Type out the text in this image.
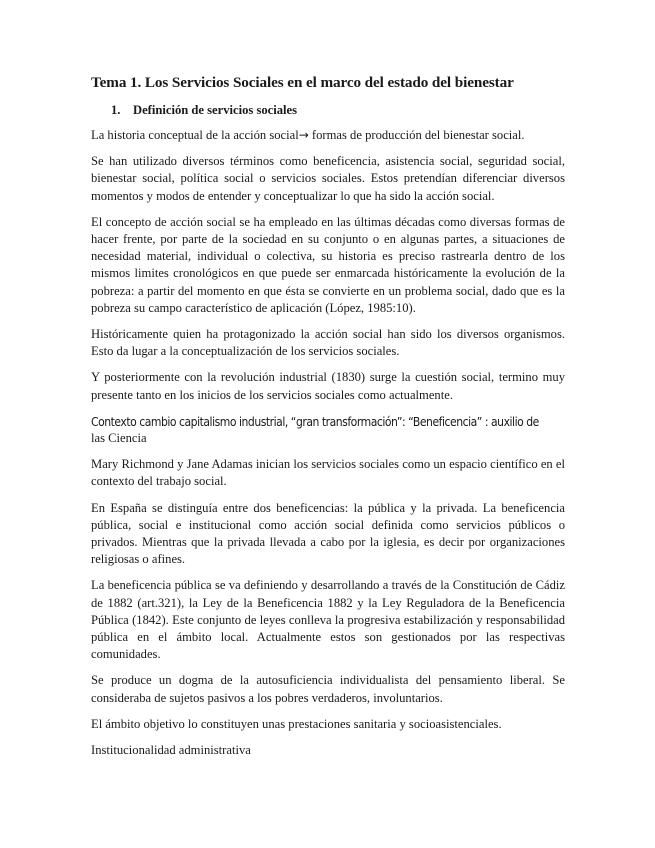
Tema 1. Los Servicios Sociales en el marco del estado del bienestar
1. Definición de servicios sociales

La historia conceptual de la acción social→ formas de producción del bienestar social.

Se han utilizado diversos términos como beneficencia, asistencia social, seguridad social, bienestar social, política social o servicios sociales. Estos pretendían diferenciar diversos momentos y modos de entender y conceptualizar lo que ha sido la acción social.

El concepto de acción social se ha empleado en las últimas décadas como diversas formas de hacer frente, por parte de la sociedad en su conjunto o en algunas partes, a situaciones de necesidad material, individual o colectiva, su historia es preciso rastrearla dentro de los mismos limites cronológicos en que puede ser enmarcada históricamente la evolución de la pobreza: a partir del momento en que ésta se convierte en un problema social, dado que es la pobreza su campo característico de aplicación (López, 1985:10).

Históricamente quien ha protagonizado la acción social han sido los diversos organismos. Esto da lugar a la conceptualización de los servicios sociales.

Y posteriormente con la revolución industrial (1830) surge la cuestión social, termino muy presente tanto en los inicios de los servicios sociales como actualmente.

Contexto cambio capitalismo industrial, “gran transformación”: “Beneficencia” : auxilio de
las Ciencia

Mary Richmond y Jane Adamas inician los servicios sociales como un espacio científico en el contexto del trabajo social.

En España se distinguía entre dos beneficencias: la pública y la privada. La beneficencia pública, social e institucional como acción social definida como servicios públicos o privados. Mientras que la privada llevada a cabo por la iglesia, es decir por organizaciones religiosas o afines.

La beneficencia pública se va definiendo y desarrollando a través de la Constitución de Cádiz de 1882 (art.321), la Ley de la Beneficencia 1882 y la Ley Reguladora de la Beneficencia Pública (1842). Este conjunto de leyes conlleva la progresiva estabilización y responsabilidad pública en el ámbito local. Actualmente estos son gestionados por las respectivas comunidades.

Se produce un dogma de la autosuficiencia individualista del pensamiento liberal. Se consideraba de sujetos pasivos a los pobres verdaderos, involuntarios.

El ámbito objetivo lo constituyen unas prestaciones sanitaria y socioasistenciales.

Institucionalidad administrativa
